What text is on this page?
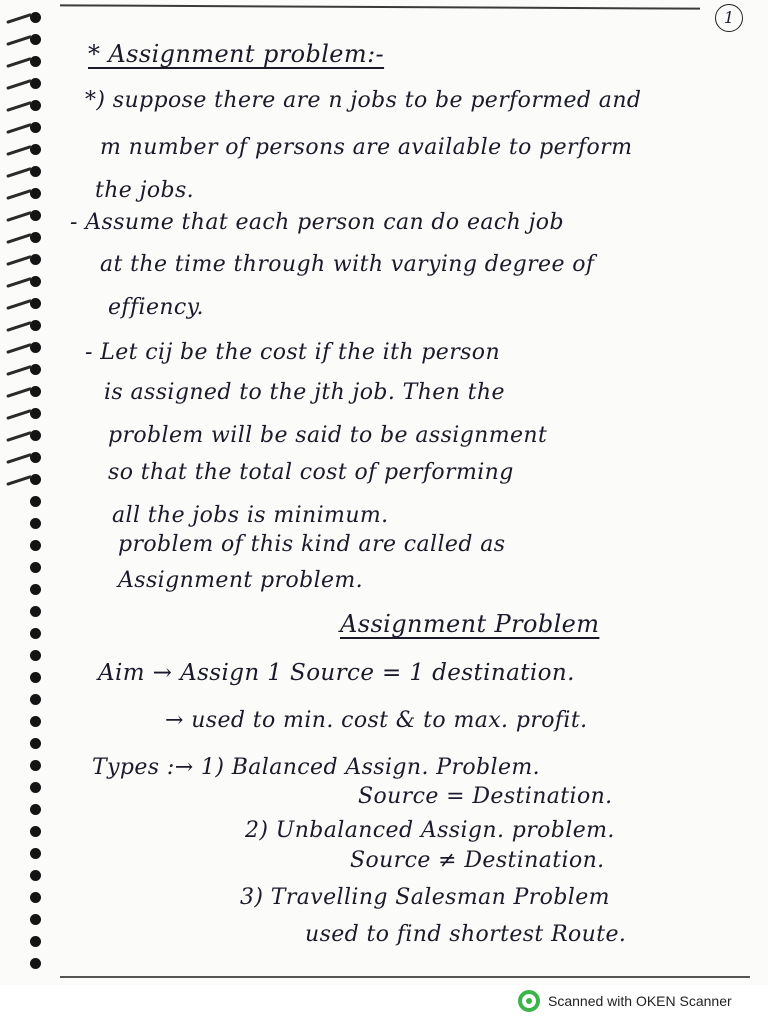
1
* Assignment problem:-
*) suppose there are n jobs to be performed and
m number of persons are available to perform
the jobs.
- Assume that each person can do each job
at the time through with varying degree of
effiency.
- Let cij be the cost if the ith person
is assigned to the jth job. Then the
problem will be said to be assignment
so that the total cost of performing
all the jobs is minimum.
problem of this kind are called as
Assignment problem.
Assignment Problem
Aim → Assign 1 Source = 1 destination.
→ used to min. cost & to max. profit.
Types :→ 1) Balanced Assign. Problem.
Source = Destination.
2) Unbalanced Assign. problem.
Source ≠ Destination.
3) Travelling Salesman Problem
used to find shortest Route.
Scanned with OKEN Scanner
